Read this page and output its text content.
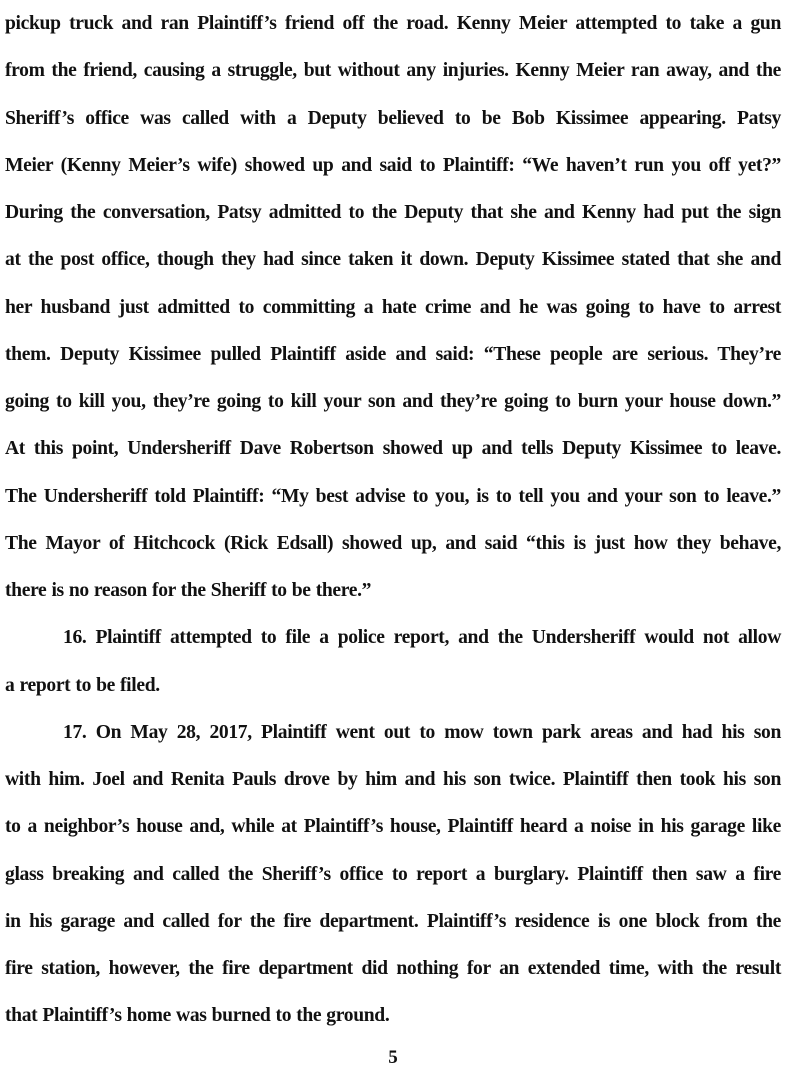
pickup truck and ran Plaintiff’s friend off the road. Kenny Meier attempted to take a gun
from the friend, causing a struggle, but without any injuries. Kenny Meier ran away, and the
Sheriff’s office was called with a Deputy believed to be Bob Kissimee appearing. Patsy
Meier (Kenny Meier’s wife) showed up and said to Plaintiff: “We haven’t run you off yet?”
During the conversation, Patsy admitted to the Deputy that she and Kenny had put the sign
at the post office, though they had since taken it down. Deputy Kissimee stated that she and
her husband just admitted to committing a hate crime and he was going to have to arrest
them. Deputy Kissimee pulled Plaintiff aside and said: “These people are serious. They’re
going to kill you, they’re going to kill your son and they’re going to burn your house down.”
At this point, Undersheriff Dave Robertson showed up and tells Deputy Kissimee to leave.
The Undersheriff told Plaintiff: “My best advise to you, is to tell you and your son to leave.”
The Mayor of Hitchcock (Rick Edsall) showed up, and said “this is just how they behave,
there is no reason for the Sheriff to be there.”

16. Plaintiff attempted to file a police report, and the Undersheriff would not allow
a report to be filed.

17. On May 28, 2017, Plaintiff went out to mow town park areas and had his son
with him. Joel and Renita Pauls drove by him and his son twice. Plaintiff then took his son
to a neighbor’s house and, while at Plaintiff’s house, Plaintiff heard a noise in his garage like
glass breaking and called the Sheriff’s office to report a burglary. Plaintiff then saw a fire
in his garage and called for the fire department. Plaintiff’s residence is one block from the
fire station, however, the fire department did nothing for an extended time, with the result
that Plaintiff’s home was burned to the ground.

5
